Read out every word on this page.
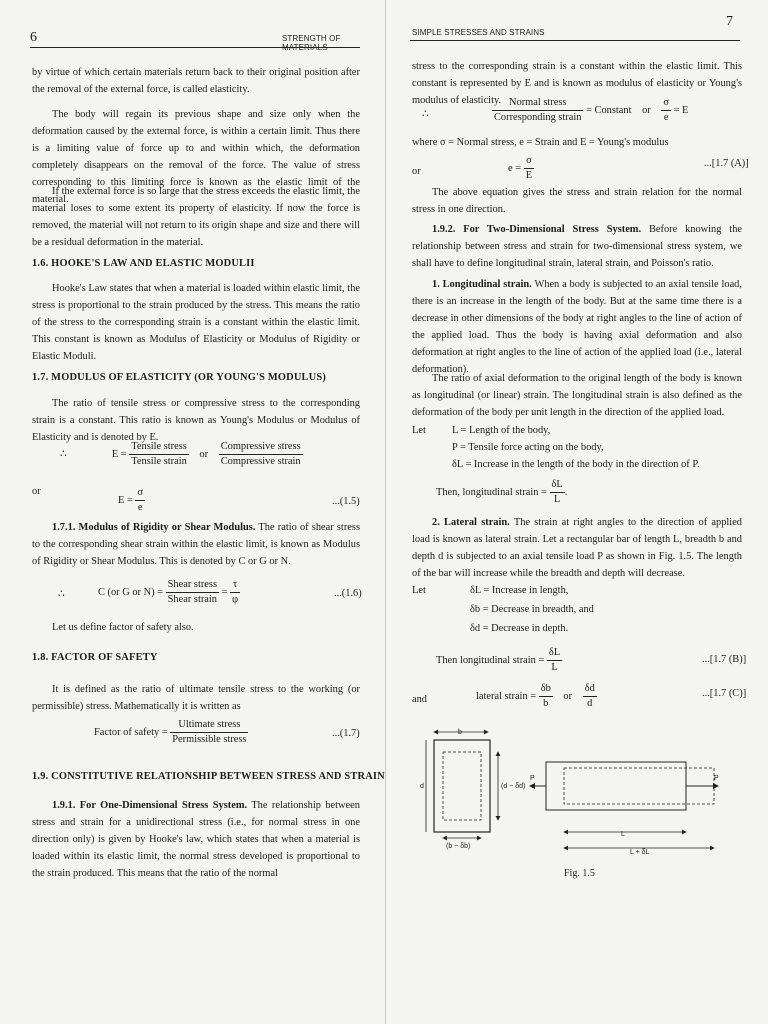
6	STRENGTH OF
by virtue of which certain materials return back to their original position after the removal of the external force, is called elasticity.
The body will regain its previous shape and size only when the deformation caused by the external force, is within a certain limit. Thus there is a limiting value of force up to and within which, the deformation completely disappears on the removal of the force. The value of stress corresponding to this limiting force is known as the elastic limit of the material.
If the external force is so large that the stress exceeds the elastic limit, the material loses to some extent its property of elasticity. If now the force is removed, the material will not return to its origin shape and size and there will be a residual deformation in the material.
1.6. HOOKE'S LAW AND ELASTIC MODULII
Hooke's Law states that when a material is loaded within elastic limit, the stress is proportional to the strain produced by the stress. This means the ratio of the stress to the corresponding strain is a constant within the elastic limit. This constant is known as Modulus of Elasticity or Modulus of Rigidity or Elastic Moduli.
1.7. MODULUS OF ELASTICITY (OR YOUNG'S MODULUS)
The ratio of tensile stress or compressive stress to the corresponding strain is a constant. This ratio is known as Young's Modulus or Modulus of Elasticity and is denoted by E.
∴	$E = \frac{\text{Tensile stress}}{\text{Tensile strain}}$ or $\frac{\text{Compressive stress}}{\text{Compressive strain}}$
or
$E = \frac{\sigma}{e}$	...(1.5)
1.7.1. Modulus of Rigidity or Shear Modulus. The ratio of shear stress to the corresponding shear strain within the elastic limit, is known as Modulus of Rigidity or Shear Modulus. This is denoted by C or G or N.
∴	C (or G or $N) = \frac{\text{Shear stress}}{\text{Shear strain}} = \frac{\tau}{\varphi}$	...(1.6)
Let us define factor of safety also.
1.8. FACTOR OF SAFETY
It is defined as the ratio of ultimate tensile stress to the working (or permissible) stress. Mathematically it is written as
Factor of safety = $\frac{\text{Ultimate stress}}{\text{Permissible stress}}$	...(1.7)
1.9. CONSTITUTIVE RELATIONSHIP BETWEEN STRESS AND STRAIN
1.9.1. For One-Dimensional Stress System. The relationship between stress and strain for a unidirectional stress (i.e., for normal stress in one direction only) is given by Hooke's law, which states that when a material is loaded within its elastic limit, the normal stress developed is proportional to the strain produced. This means that the ratio of the normal
SIMPLE STRESSES AND STRAINS
7
stress to the corresponding strain is a constant within the elastic limit. This constant is represented by E and is known as modulus of elasticity or Young's modulus of elasticity.
∴	$\frac{\text{Normal stress}}{\text{Corresponding strain}}$ = Constant or $\frac{\sigma}{e} = E$
where σ = Normal stress, e = Strain and E = Young's modulus
or	$e = \frac{\sigma}{E}$	...[1.7 (A)]
The above equation gives the stress and strain relation for the normal stress in one direction.
1.9.2. For Two-Dimensional Stress System. Before knowing the relationship between stress and strain for two-dimensional stress system, we shall have to define longitudinal strain, lateral strain, and Poisson's ratio.
1. Longitudinal strain. When a body is subjected to an axial tensile load, there is an increase in the length of the body. But at the same time there is a decrease in other dimensions of the body at right angles to the line of action of the applied load. Thus the body is having axial deformation and also deformation at right angles to the line of action of the applied load (i.e., lateral deformation).
The ratio of axial deformation to the original length of the body is known as longitudinal (or linear) strain. The longitudinal strain is also defined as the deformation of the body per unit length in the direction of the applied load.
Let	L = Length of the body,
P = Tensile force acting on the body,
δL = Increase in the length of the body in the direction of P.
Then, longitudinal strain = $\frac{\delta L}{L}$ .
2. Lateral strain. The strain at right angles to the direction of applied load is known as lateral strain. Let a rectangular bar of length L, breadth b and depth d is subjected to an axial tensile load P as shown in Fig. 1.5. The length of the bar will increase while the breadth and depth will decrease.
Let	δL = Increase in length,
δb = Decrease in breadth, and
δd = Decrease in depth.
Then longitudinal strain = $\frac{\delta L}{L}$	...[1.7 (B)]
and	lateral strain = $\frac{\delta b}{b}$ or $\frac{\delta d}{d}$	...[1.7 (C)]
b
d	(d − δd)
(b − δb)
P	P
L
L + δL
Fig. 1.5
